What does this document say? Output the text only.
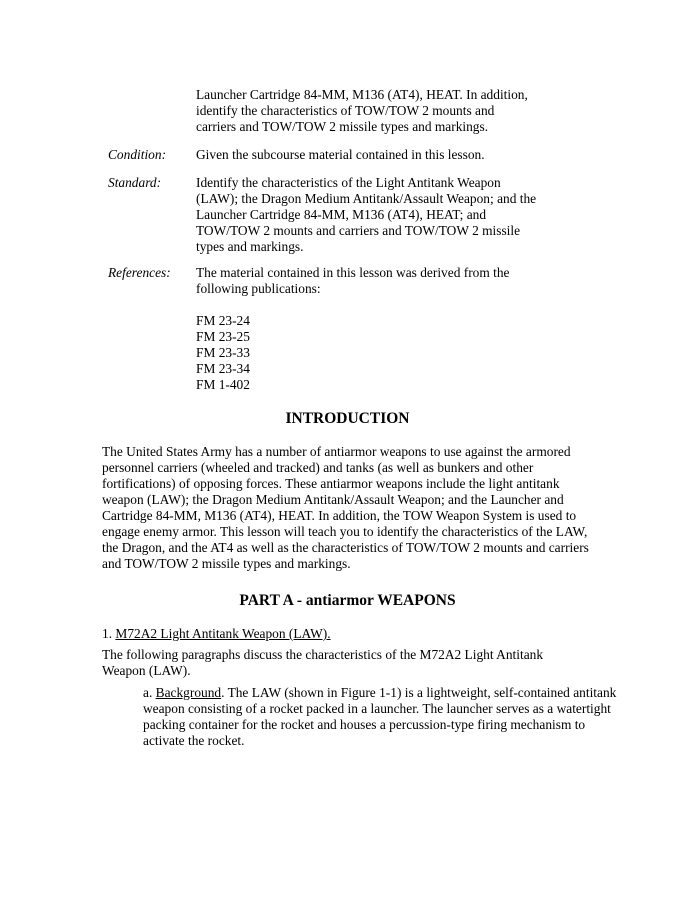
Launcher Cartridge 84-MM, M136 (AT4), HEAT. In addition, identify the characteristics of TOW/TOW 2 mounts and carriers and TOW/TOW 2 missile types and markings.

Condition:	Given the subcourse material contained in this lesson.
Standard:	Identify the characteristics of the Light Antitank Weapon (LAW); the Dragon Medium Antitank/Assault Weapon; and the Launcher Cartridge 84-MM, M136 (AT4), HEAT; and TOW/TOW 2 mounts and carriers and TOW/TOW 2 missile types and markings.
References:	The material contained in this lesson was derived from the following publications:
FM 23-24
FM 23-25
FM 23-33
FM 23-34
FM 1-402
INTRODUCTION

The United States Army has a number of antiarmor weapons to use against the armored personnel carriers (wheeled and tracked) and tanks (as well as bunkers and other fortifications) of opposing forces. These antiarmor weapons include the light antitank weapon (LAW); the Dragon Medium Antitank/Assault Weapon; and the Launcher and Cartridge 84-MM, M136 (AT4), HEAT. In addition, the TOW Weapon System is used to engage enemy armor. This lesson will teach you to identify the characteristics of the LAW, the Dragon, and the AT4 as well as the characteristics of TOW/TOW 2 mounts and carriers and TOW/TOW 2 missile types and markings.

PART A - antiarmor WEAPONS
1. M72A2 Light Antitank Weapon (LAW).

The following paragraphs discuss the characteristics of the M72A2 Light Antitank Weapon (LAW).

a. Background. The LAW (shown in Figure 1-1) is a lightweight, self-contained antitank weapon consisting of a rocket packed in a launcher. The launcher serves as a watertight packing container for the rocket and houses a percussion-type firing mechanism to activate the rocket.
